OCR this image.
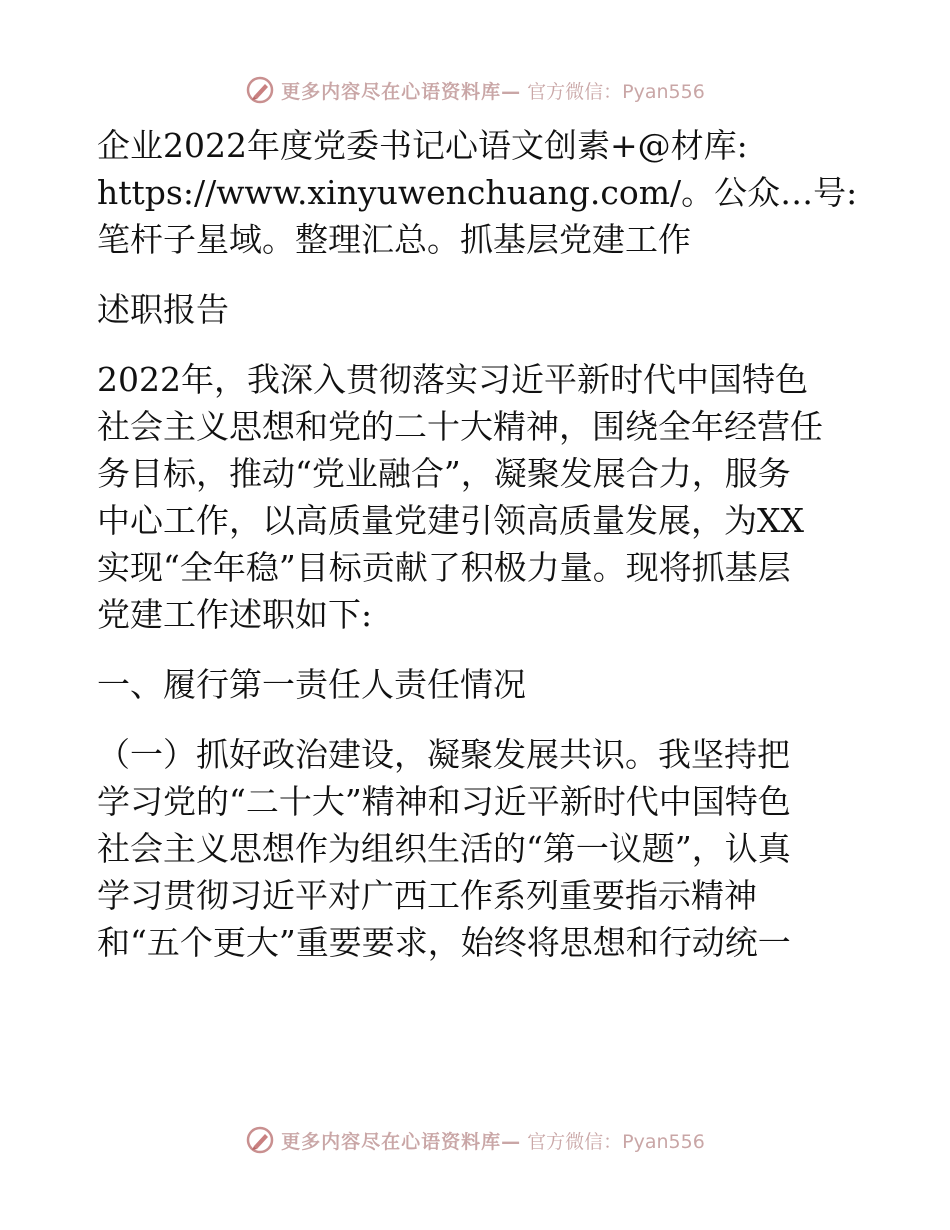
更多内容尽在心语资料库— 官方微信：Pyan556
企业2022年度党委书记心语文创素+@材库:
https://www.xinyuwenchuang.com/。公众…号:
笔杆子星域。整理汇总。抓基层党建工作
述职报告
2022年，我深入贯彻落实习近平新时代中国特色
社会主义思想和党的二十大精神，围绕全年经营任
务目标，推动“党业融合”，凝聚发展合力，服务
中心工作，以高质量党建引领高质量发展，为XX
实现“全年稳”目标贡献了积极力量。现将抓基层
党建工作述职如下:
一、履行第一责任人责任情况
（一）抓好政治建设，凝聚发展共识。我坚持把
学习党的“二十大”精神和习近平新时代中国特色
社会主义思想作为组织生活的“第一议题”，认真
学习贯彻习近平对广西工作系列重要指示精神
和“五个更大”重要要求，始终将思想和行动统一
更多内容尽在心语资料库— 官方微信：Pyan556
